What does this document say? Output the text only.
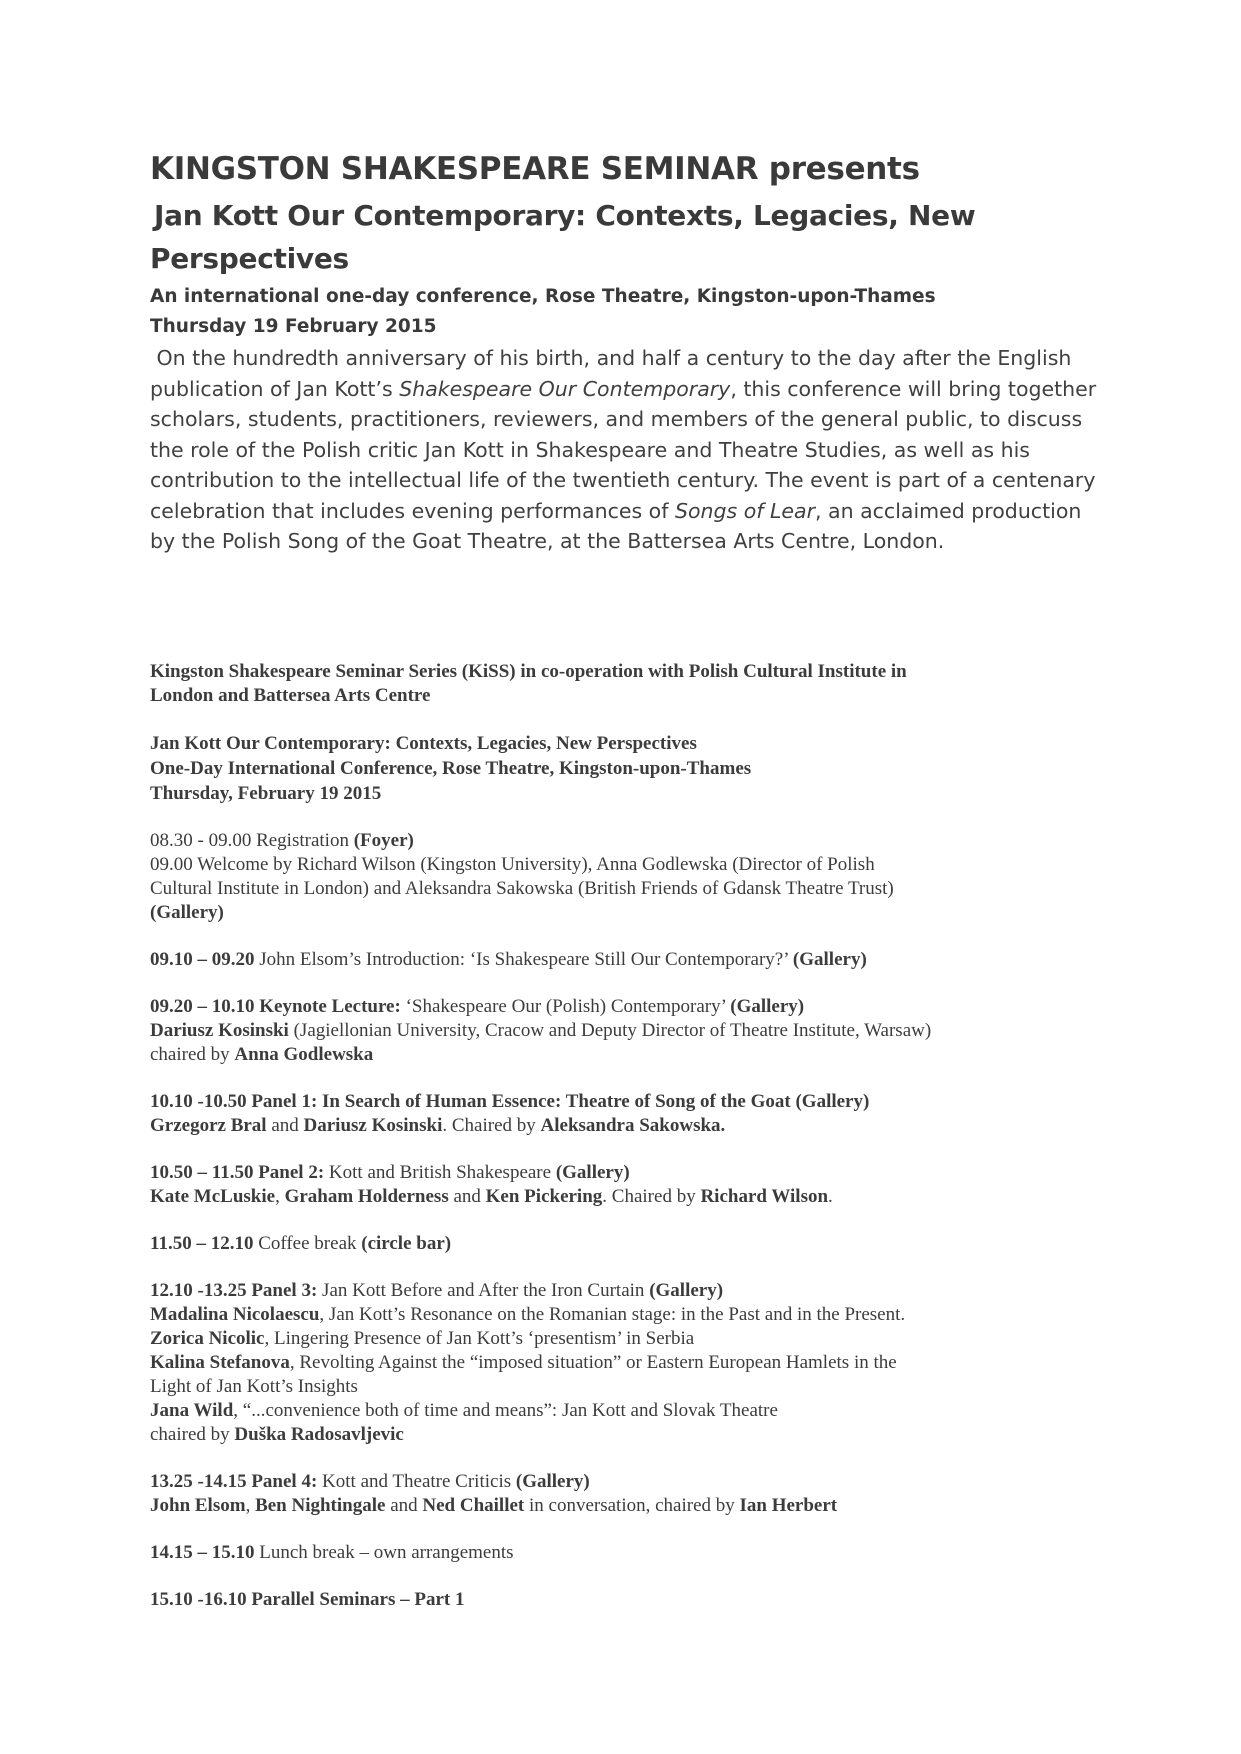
KINGSTON SHAKESPEARE SEMINAR presents
Jan Kott Our Contemporary: Contexts, Legacies, New
Perspectives
An international one-day conference, Rose Theatre, Kingston-upon-Thames
Thursday 19 February 2015
On the hundredth anniversary of his birth, and half a century to the day after the English publication of Jan Kott’s Shakespeare Our Contemporary, this conference will bring together scholars, students, practitioners, reviewers, and members of the general public, to discuss the role of the Polish critic Jan Kott in Shakespeare and Theatre Studies, as well as his contribution to the intellectual life of the twentieth century. The event is part of a centenary celebration that includes evening performances of Songs of Lear, an acclaimed production by the Polish Song of the Goat Theatre, at the Battersea Arts Centre, London.
Kingston Shakespeare Seminar Series (KiSS) in co-operation with Polish Cultural Institute in
London and Battersea Arts Centre
Jan Kott Our Contemporary: Contexts, Legacies, New Perspectives
One-Day International Conference, Rose Theatre, Kingston-upon-Thames
Thursday, February 19 2015
08.30 - 09.00 Registration (Foyer)
09.00 Welcome by Richard Wilson (Kingston University), Anna Godlewska (Director of Polish
Cultural Institute in London) and Aleksandra Sakowska (British Friends of Gdansk Theatre Trust)
(Gallery)
09.10 – 09.20 John Elsom’s Introduction: ‘Is Shakespeare Still Our Contemporary?’ (Gallery)
09.20 – 10.10 Keynote Lecture: ‘Shakespeare Our (Polish) Contemporary’ (Gallery)
Dariusz Kosinski (Jagiellonian University, Cracow and Deputy Director of Theatre Institute, Warsaw)
chaired by Anna Godlewska
10.10 -10.50 Panel 1: In Search of Human Essence: Theatre of Song of the Goat (Gallery)
Grzegorz Bral and Dariusz Kosinski. Chaired by Aleksandra Sakowska.
10.50 – 11.50 Panel 2: Kott and British Shakespeare (Gallery)
Kate McLuskie, Graham Holderness and Ken Pickering. Chaired by Richard Wilson.
11.50 – 12.10 Coffee break (circle bar)
12.10 -13.25 Panel 3: Jan Kott Before and After the Iron Curtain (Gallery)
Madalina Nicolaescu, Jan Kott’s Resonance on the Romanian stage: in the Past and in the Present.
Zorica Nicolic, Lingering Presence of Jan Kott’s ‘presentism’ in Serbia
Kalina Stefanova, Revolting Against the “imposed situation” or Eastern European Hamlets in the
Light of Jan Kott’s Insights
Jana Wild, “...convenience both of time and means”: Jan Kott and Slovak Theatre
chaired by Duška Radosavljevic
13.25 -14.15 Panel 4: Kott and Theatre Criticis (Gallery)
John Elsom, Ben Nightingale and Ned Chaillet in conversation, chaired by Ian Herbert
14.15 – 15.10 Lunch break – own arrangements
15.10 -16.10 Parallel Seminars – Part 1
